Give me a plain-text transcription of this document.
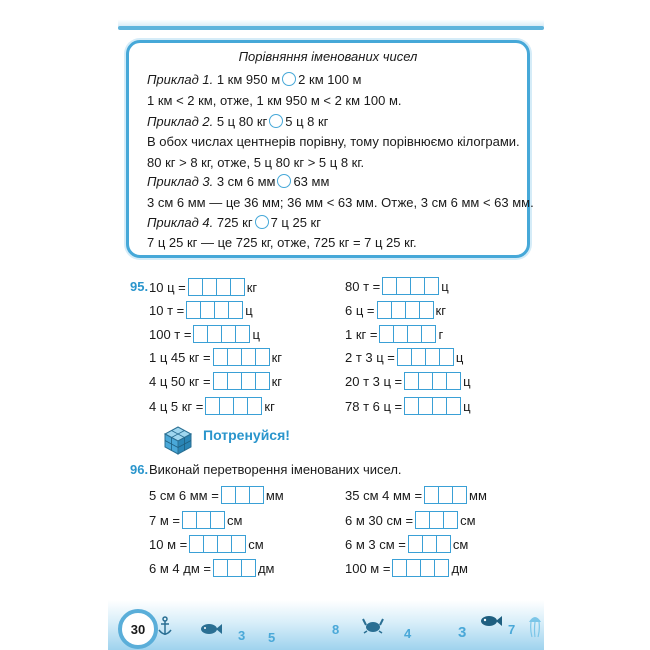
Порівняння іменованих чисел
Приклад 1. 1 км 950 м 2 км 100 м
1 км < 2 км, отже, 1 км 950 м < 2 км 100 м.
Приклад 2. 5 ц 80 кг 5 ц 8 кг
В обох числах центнерів порівну, тому порівнюємо кілограми.
80 кг > 8 кг, отже, 5 ц 80 кг > 5 ц 8 кг.
Приклад 3. 3 см 6 мм 63 мм
3 см 6 мм — це 36 мм; 36 мм < 63 мм. Отже, 3 см 6 мм < 63 мм.
Приклад 4. 725 кг 7 ц 25 кг
7 ц 25 кг — це 725 кг, отже, 725 кг = 7 ц 25 кг.
95. 10 ц =	кг
10 т =	ц
100 т =	ц
1 ц 45 кг =	кг
4 ц 50 кг =	кг
4 ц 5 кг =	кг
80 т =	ц
6 ц =	кг
1 кг =	г
2 т 3 ц =	ц
20 т 3 ц =	ц
78 т 6 ц =	ц
Потренуйся!
96. Виконай перетворення іменованих чисел.
5 см 6 мм =	мм
7 м =	см
10 м =	см
6 м 4 дм =	дм
35 см 4 мм =	мм
6 м 30 см =	см
6 м 3 см =	см
100 м =	дм
30	3 5
8	4	3	7
